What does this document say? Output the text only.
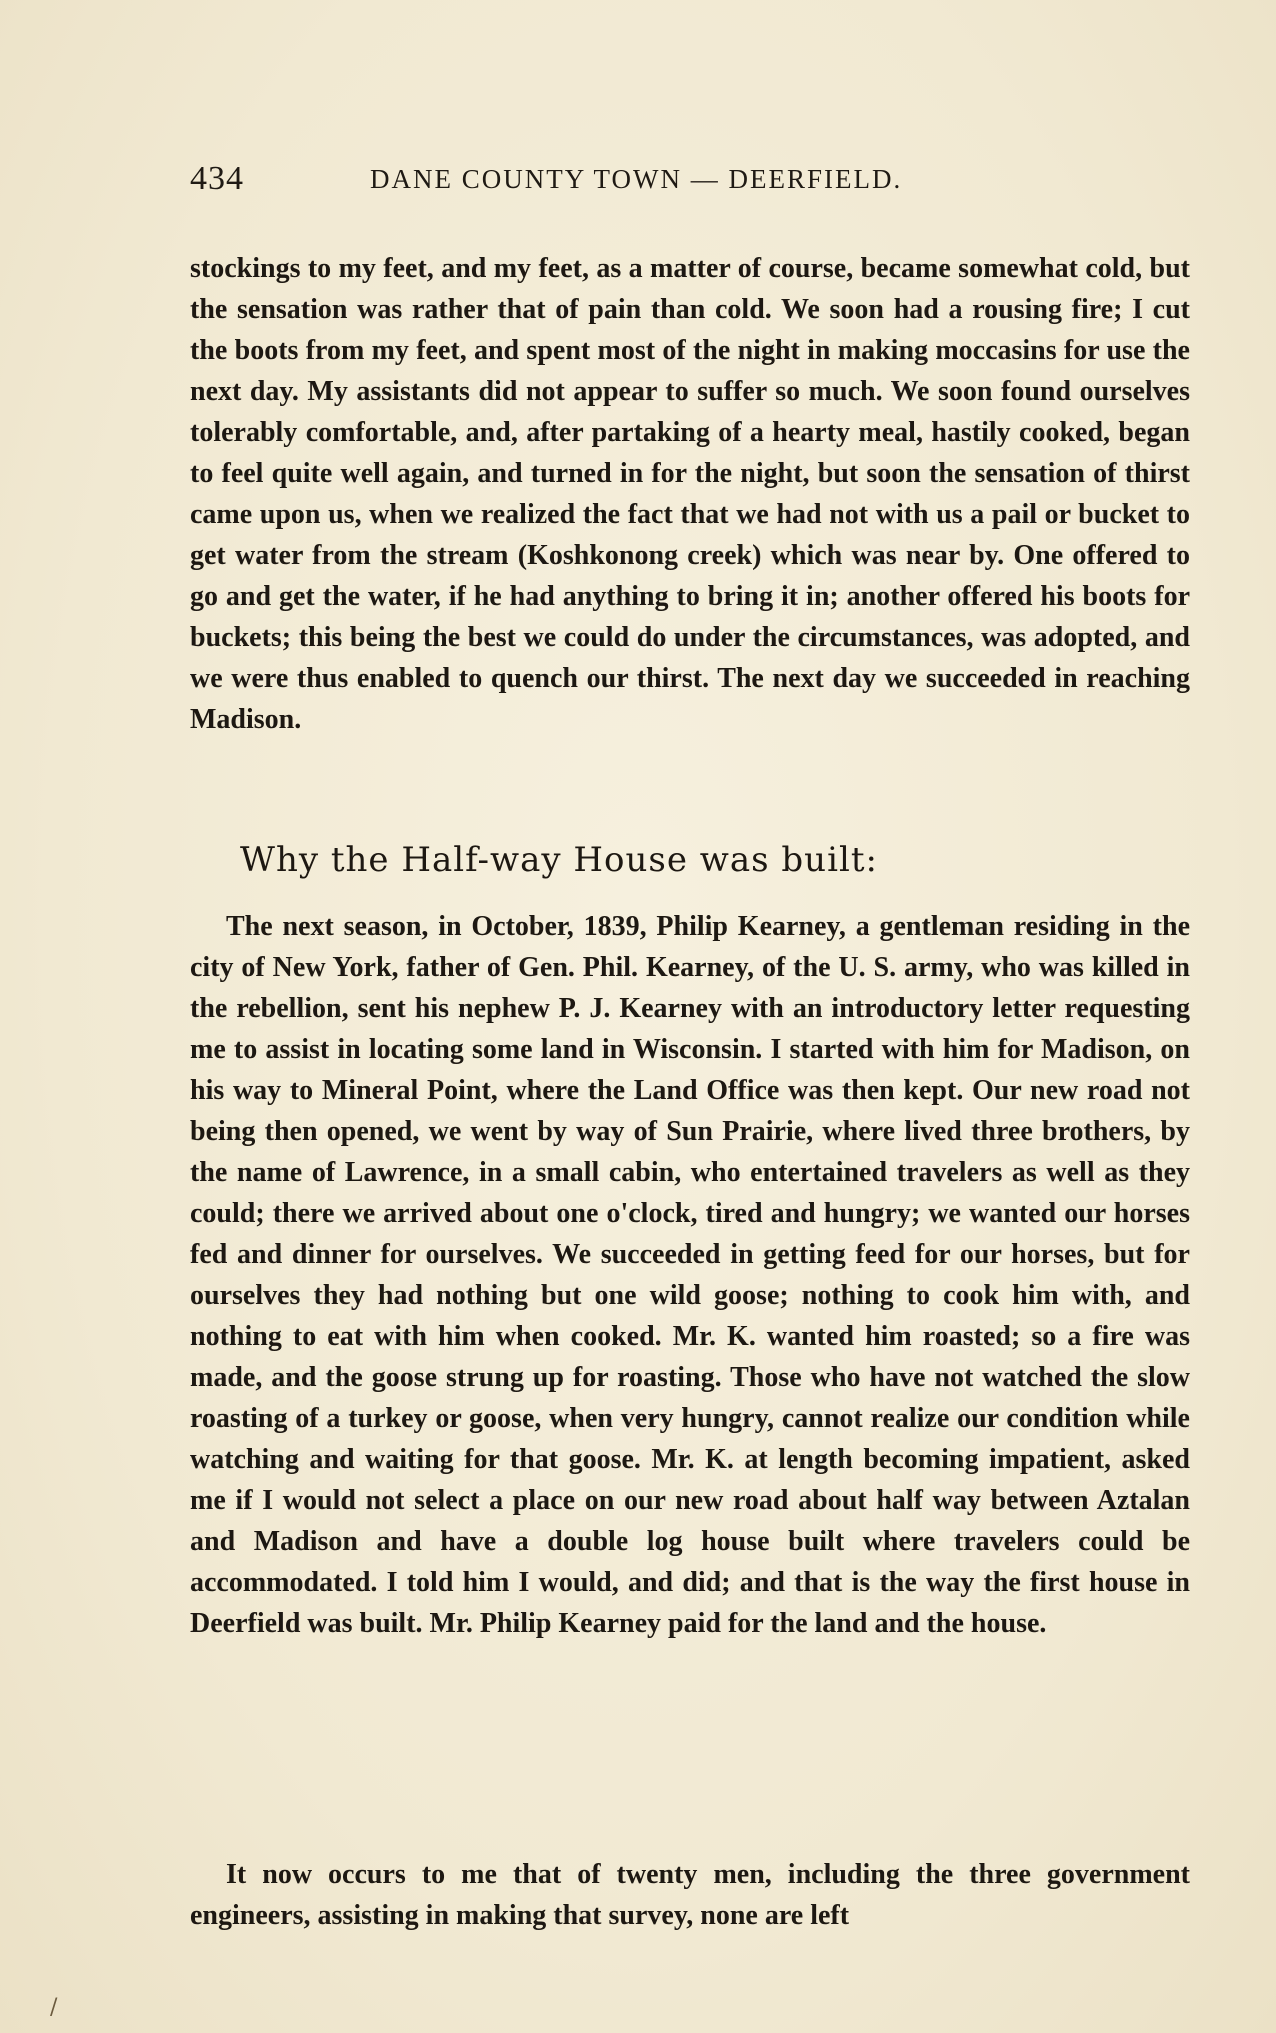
434	DANE COUNTY TOWN — DEERFIELD.

stockings to my feet, and my feet, as a matter of course, became somewhat cold, but the sensation was rather that of pain than cold. We soon had a rousing fire; I cut the boots from my feet, and spent most of the night in making moccasins for use the next day. My assistants did not appear to suffer so much. We soon found ourselves tolerably comfortable, and, after partaking of a hearty meal, hastily cooked, began to feel quite well again, and turned in for the night, but soon the sensation of thirst came upon us, when we realized the fact that we had not with us a pail or bucket to get water from the stream (Koshkonong creek) which was near by. One offered to go and get the water, if he had anything to bring it in; another offered his boots for buckets; this being the best we could do under the circumstances, was adopted, and we were thus enabled to quench our thirst. The next day we succeeded in reaching Madison.

Why the Half-way House was built:

The next season, in October, 1839, Philip Kearney, a gentleman residing in the city of New York, father of Gen. Phil. Kearney, of the U. S. army, who was killed in the rebellion, sent his nephew P. J. Kearney with an introductory letter requesting me to assist in locating some land in Wisconsin. I started with him for Madison, on his way to Mineral Point, where the Land Office was then kept. Our new road not being then opened, we went by way of Sun Prairie, where lived three brothers, by the name of Lawrence, in a small cabin, who entertained travelers as well as they could; there we arrived about one o'clock, tired and hungry; we wanted our horses fed and dinner for ourselves. We succeeded in getting feed for our horses, but for ourselves they had nothing but one wild goose; nothing to cook him with, and nothing to eat with him when cooked. Mr. K. wanted him roasted; so a fire was made, and the goose strung up for roasting. Those who have not watched the slow roasting of a turkey or goose, when very hungry, cannot realize our condition while watching and waiting for that goose. Mr. K. at length becoming impatient, asked me if I would not select a place on our new road about half way between Aztalan and Madison and have a double log house built where travelers could be accommodated. I told him I would, and did; and that is the way the first house in Deerfield was built. Mr. Philip Kearney paid for the land and the house.

It now occurs to me that of twenty men, including the three government engineers, assisting in making that survey, none are left

/
